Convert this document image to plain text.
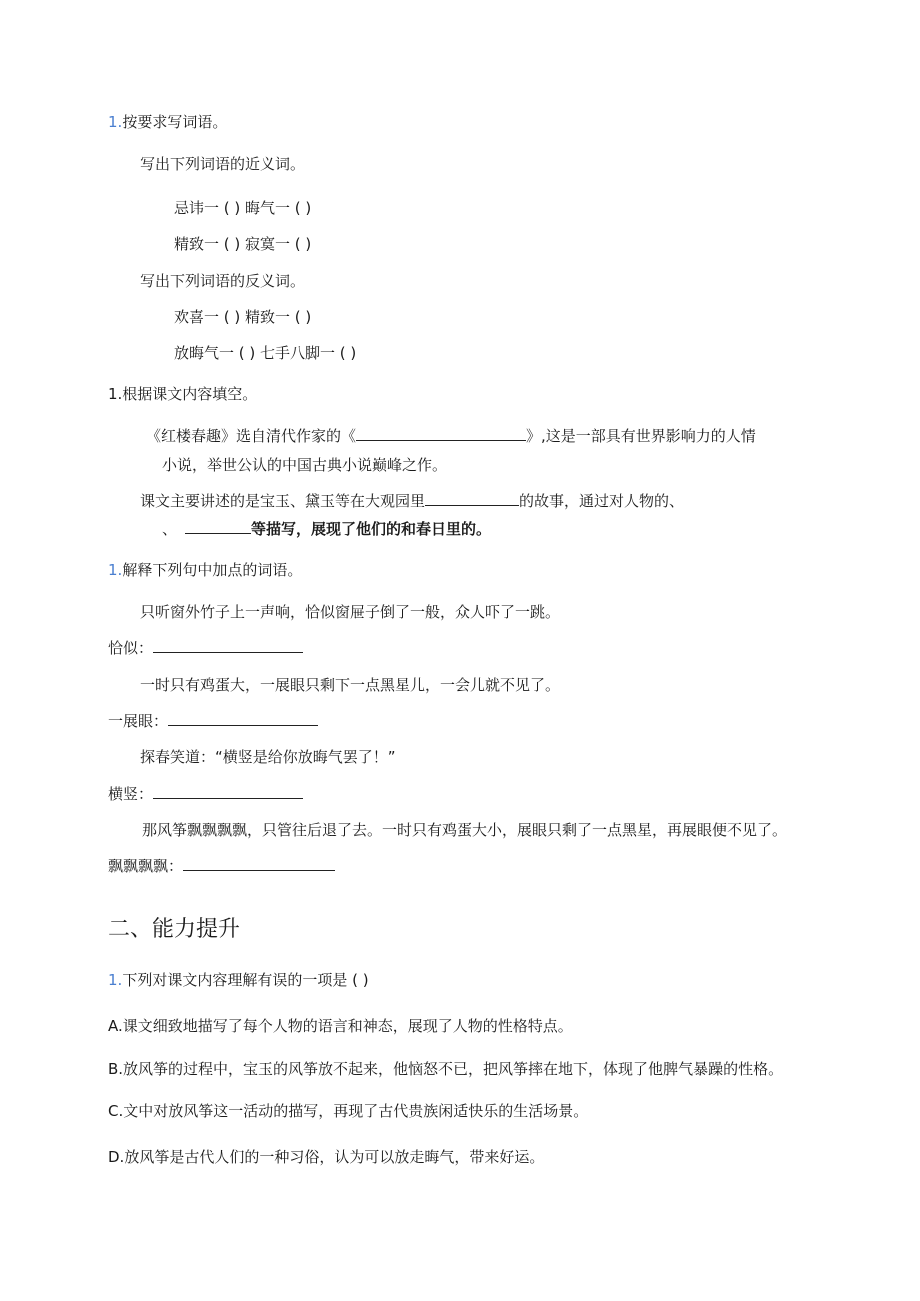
1.按要求写词语。
写出下列词语的近义词。
忌讳一 ( ) 晦气一 ( )
精致一 ( ) 寂寞一 ( )
写出下列词语的反义词。
欢喜一 ( ) 精致一 ( )
放晦气一 ( ) 七手八脚一 ( )
1.根据课文内容填空。
《红楼春趣》选自清代作家的《	》,这是一部具有世界影响力的人情
小说，举世公认的中国古典小说巅峰之作。
课文主要讲述的是宝玉、黛玉等在大观园里	的故事，通过对人物的、
、	等描写，展现了他们的和春日里的。
1.解释下列句中加点的词语。
只听窗外竹子上一声响，恰似窗屉子倒了一般，众人吓了一跳。
恰似：
一时只有鸡蛋大，一展眼只剩下一点黑星儿，一会儿就不见了。
一展眼：
探春笑道：“横竖是给你放晦气罢了！”
横竖：
那风筝飘飘飘飘，只管往后退了去。一时只有鸡蛋大小，展眼只剩了一点黑星，再展眼便不见了。
飘飘飘飘：
二、能力提升
1.下列对课文内容理解有误的一项是 ( )
A.课文细致地描写了每个人物的语言和神态，展现了人物的性格特点。
B.放风筝的过程中，宝玉的风筝放不起来，他恼怒不已，把风筝摔在地下，体现了他脾气暴躁的性格。
C.文中对放风筝这一活动的描写，再现了古代贵族闲适快乐的生活场景。
D.放风筝是古代人们的一种习俗，认为可以放走晦气，带来好运。
